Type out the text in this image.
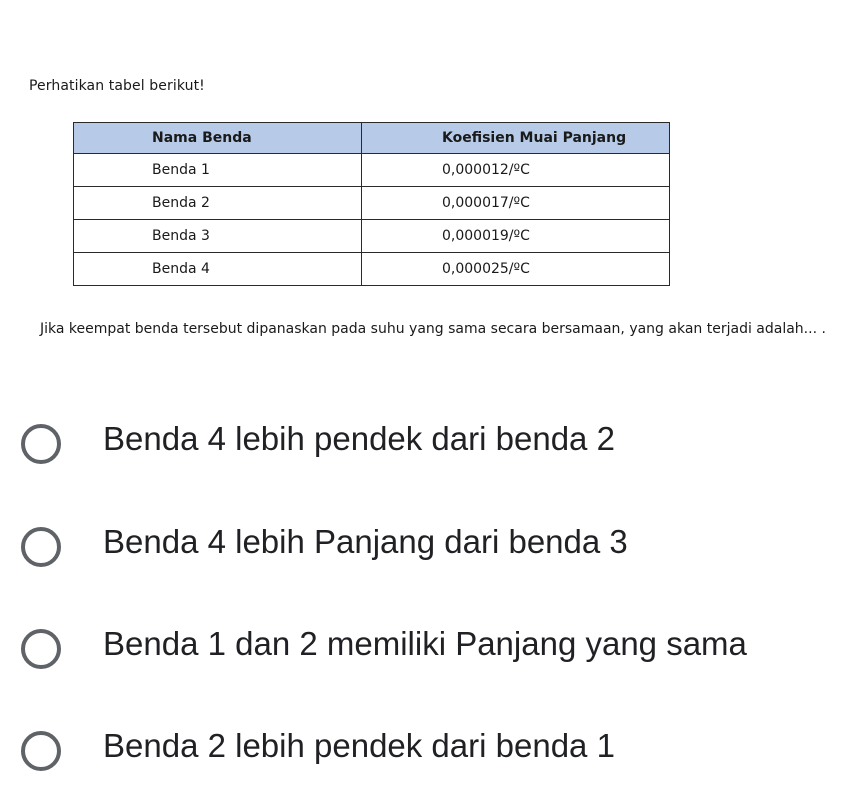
Perhatikan tabel berikut!
Nama Benda	Koefisien Muai Panjang
Benda 1	0,000012/ºC
Benda 2	0,000017/ºC
Benda 3	0,000019/ºC
Benda 4	0,000025/ºC
Jika keempat benda tersebut dipanaskan pada suhu yang sama secara bersamaan, yang akan terjadi adalah... .
Benda 4 lebih pendek dari benda 2
Benda 4 lebih Panjang dari benda 3
Benda 1 dan 2 memiliki Panjang yang sama
Benda 2 lebih pendek dari benda 1
